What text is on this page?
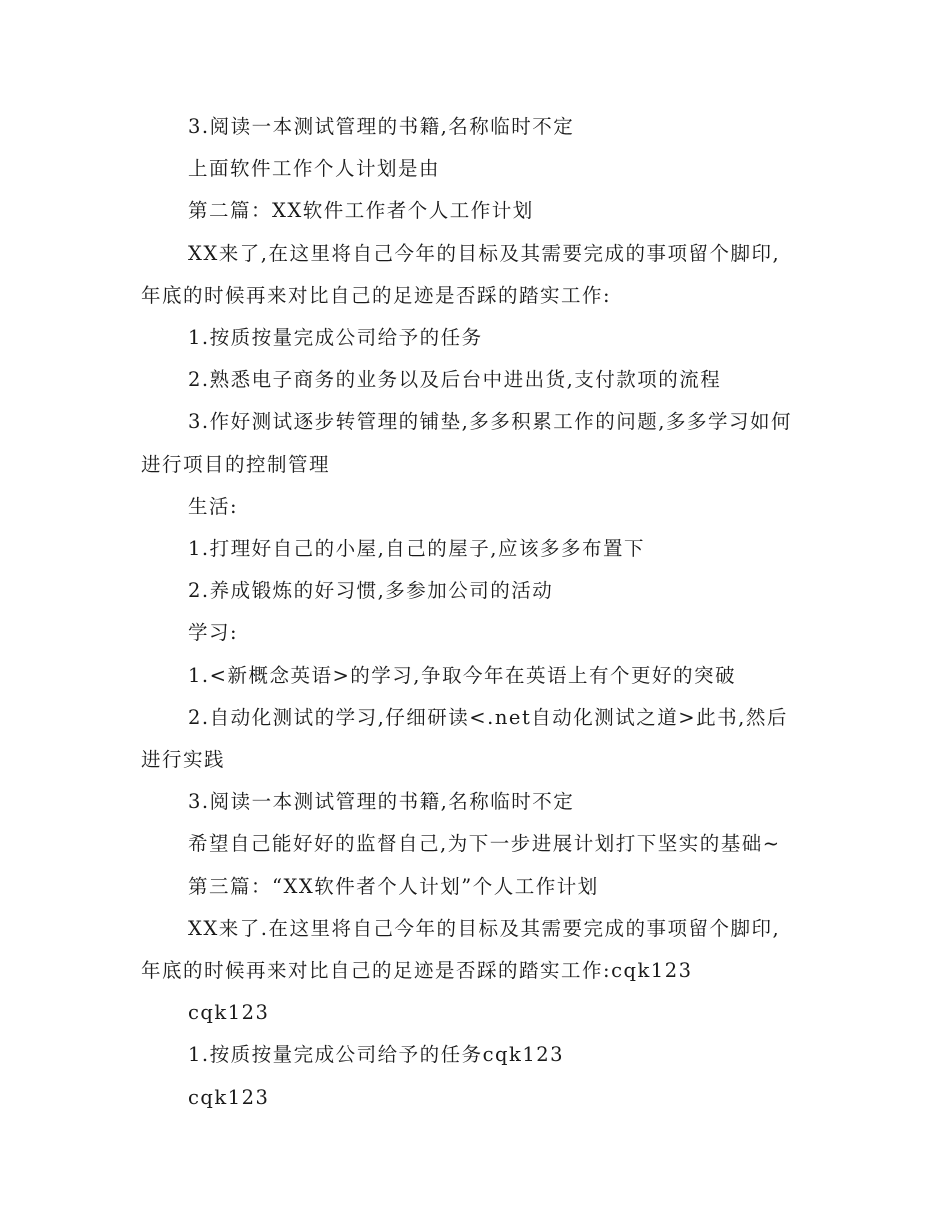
3.阅读一本测试管理的书籍,名称临时不定

上面软件工作个人计划是由

第二篇：XX软件工作者个人工作计划

XX来了,在这里将自己今年的目标及其需要完成的事项留个脚印,年底的时候再来对比自己的足迹是否踩的踏实工作:

1.按质按量完成公司给予的任务

2.熟悉电子商务的业务以及后台中进出货,支付款项的流程

3.作好测试逐步转管理的铺垫,多多积累工作的问题,多多学习如何进行项目的控制管理

生活:

1.打理好自己的小屋,自己的屋子,应该多多布置下

2.养成锻炼的好习惯,多参加公司的活动

学习:

1.<新概念英语>的学习,争取今年在英语上有个更好的突破

2.自动化测试的学习,仔细研读<.net自动化测试之道>此书,然后进行实践

3.阅读一本测试管理的书籍,名称临时不定

希望自己能好好的监督自己,为下一步进展计划打下坚实的基础~

第三篇：“XX软件者个人计划”个人工作计划

XX来了.在这里将自己今年的目标及其需要完成的事项留个脚印,年底的时候再来对比自己的足迹是否踩的踏实工作:cqk123

cqk123

1.按质按量完成公司给予的任务cqk123

cqk123
